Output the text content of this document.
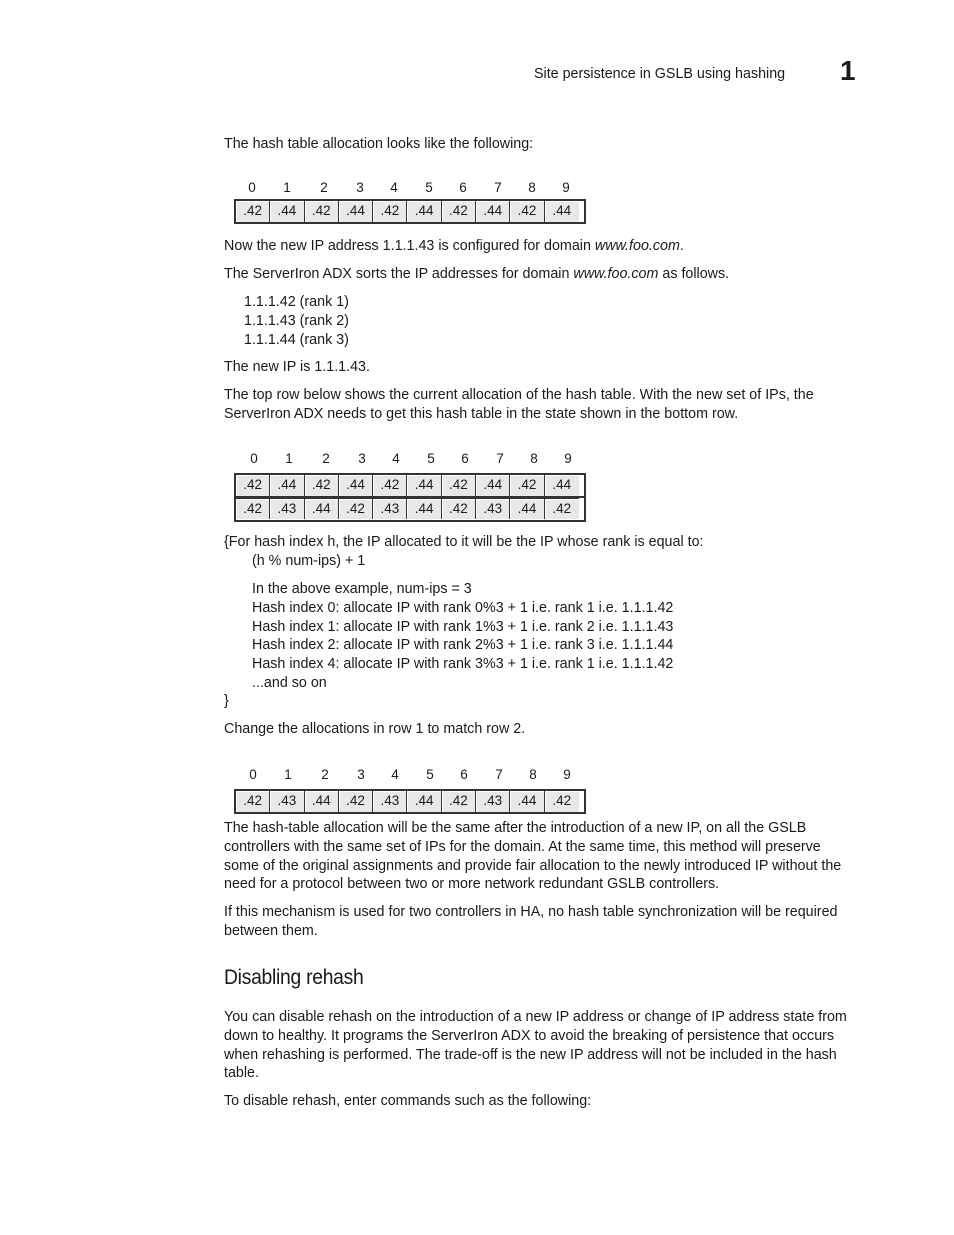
Site persistence in GSLB using hashing 1
The hash table allocation looks like the following:
0	1	2	3	4	5	6	7	8	9
.42	.44	.42	.44	.42	.44	.42	.44	.42	.44
Now the new IP address 1.1.1.43 is configured for domain www.foo.com.
The ServerIron ADX sorts the IP addresses for domain www.foo.com as follows.
1.1.1.42 (rank 1)
1.1.1.43 (rank 2)
1.1.1.44 (rank 3)
The new IP is 1.1.1.43.
The top row below shows the current allocation of the hash table. With the new set of IPs, the
ServerIron ADX needs to get this hash table in the state shown in the bottom row.
0	1	2	3	4	5	6	7	8	9
.42	.44	.42	.44	.42	.44	.42	.44	.42	.44
.42	.43	.44	.42	.43	.44	.42	.43	.44	.42
{For hash index h, the IP allocated to it will be the IP whose rank is equal to:
(h % num-ips) + 1
In the above example, num-ips = 3
Hash index 0: allocate IP with rank 0%3 + 1 i.e. rank 1 i.e. 1.1.1.42
Hash index 1: allocate IP with rank 1%3 + 1 i.e. rank 2 i.e. 1.1.1.43
Hash index 2: allocate IP with rank 2%3 + 1 i.e. rank 3 i.e. 1.1.1.44
Hash index 4: allocate IP with rank 3%3 + 1 i.e. rank 1 i.e. 1.1.1.42
...and so on
}
Change the allocations in row 1 to match row 2.
0	1	2	3	4	5	6	7	8	9
.42	.43	.44	.42	.43	.44	.42	.43	.44	.42
The hash-table allocation will be the same after the introduction of a new IP, on all the GSLB
controllers with the same set of IPs for the domain. At the same time, this method will preserve
some of the original assignments and provide fair allocation to the newly introduced IP without the
need for a protocol between two or more network redundant GSLB controllers.
If this mechanism is used for two controllers in HA, no hash table synchronization will be required
between them.
Disabling rehash
You can disable rehash on the introduction of a new IP address or change of IP address state from
down to healthy. It programs the ServerIron ADX to avoid the breaking of persistence that occurs
when rehashing is performed. The trade-off is the new IP address will not be included in the hash
table.
To disable rehash, enter commands such as the following:
